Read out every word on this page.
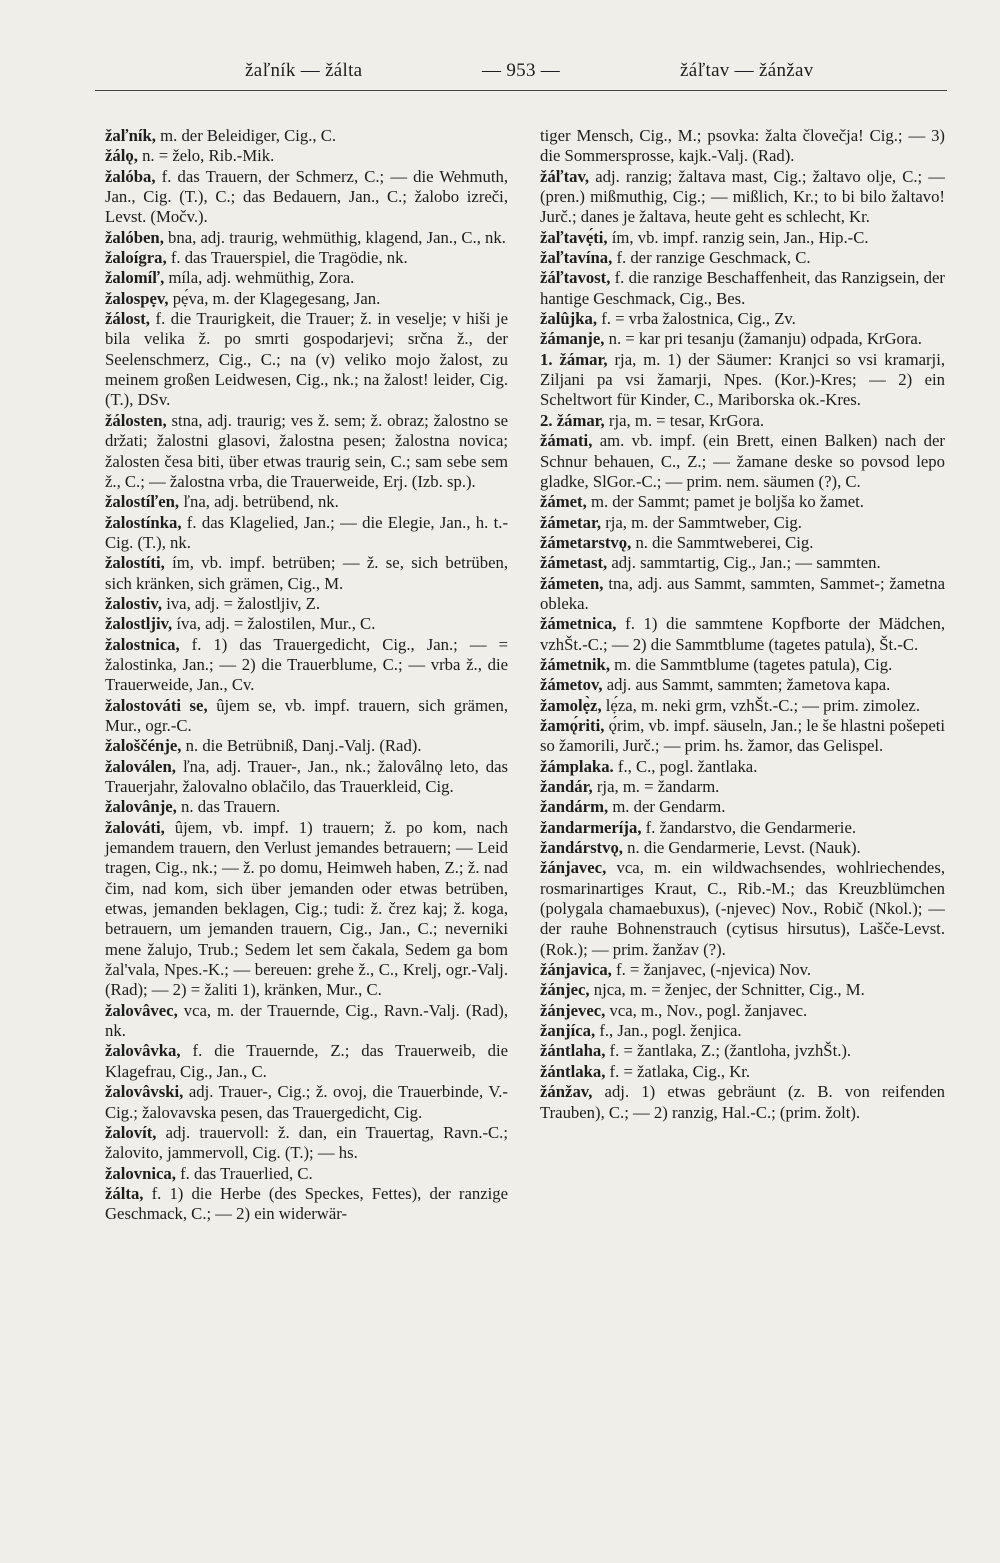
žaľník — žálta	— 953 —	žáľtav — žánžav

žaľník, m. der Beleidiger, Cig., C.

žálǫ, n. = želo, Rib.-Mik.

žalóba, f. das Trauern, der Schmerz, C.; — die Wehmuth, Jan., Cig. (T.), C.; das Bedauern, Jan., C.; žalobo izreči, Levst. (Močv.).

žalóben, bna, adj. traurig, wehmüthig, klagend, Jan., C., nk.

žaloígra, f. das Trauerspiel, die Tragödie, nk.

žalomíľ, míla, adj. wehmüthig, Zora.

žalospẹv, pẹ́va, m. der Klagegesang, Jan.

žálost, f. die Traurigkeit, die Trauer; ž. in veselje; v hiši je bila velika ž. po smrti gospodarjevi; srčna ž., der Seelenschmerz, Cig., C.; na (v) veliko mojo žalost, zu meinem großen Leidwesen, Cig., nk.; na žalost! leider, Cig. (T.), DSv.

žálosten, stna, adj. traurig; ves ž. sem; ž. obraz; žalostno se držati; žalostni glasovi, žalostna pesen; žalostna novica; žalosten česa biti, über etwas traurig sein, C.; sam sebe sem ž., C.; — žalostna vrba, die Trauerweide, Erj. (Izb. sp.).

žalostíľen, ľna, adj. betrübend, nk.

žalostínka, f. das Klagelied, Jan.; — die Elegie, Jan., h. t.-Cig. (T.), nk.

žalostíti, ím, vb. impf. betrüben; — ž. se, sich betrüben, sich kränken, sich grämen, Cig., M.

žalostiv, iva, adj. = žalostljiv, Z.

žalostljiv, íva, adj. = žalostilen, Mur., C.

žalostnica, f. 1) das Trauergedicht, Cig., Jan.; — = žalostinka, Jan.; — 2) die Trauerblume, C.; — vrba ž., die Trauerweide, Jan., Cv.

žalostováti se, ûjem se, vb. impf. trauern, sich grämen, Mur., ogr.-C.

žaloščénje, n. die Betrübniß, Danj.-Valj. (Rad).

žaloválen, ľna, adj. Trauer-, Jan., nk.; žalovâlnǫ leto, das Trauerjahr, žalovalno oblačilo, das Trauerkleid, Cig.

žalovânje, n. das Trauern.

žalováti, ûjem, vb. impf. 1) trauern; ž. po kom, nach jemandem trauern, den Verlust jemandes betrauern; — Leid tragen, Cig., nk.; — ž. po domu, Heimweh haben, Z.; ž. nad čim, nad kom, sich über jemanden oder etwas betrüben, etwas, jemanden beklagen, Cig.; tudi: ž. črez kaj; ž. koga, betrauern, um jemanden trauern, Cig., Jan., C.; neverniki mene žalujo, Trub.; Sedem let sem čakala, Sedem ga bom žal'vala, Npes.-K.; — bereuen: grehe ž., C., Krelj, ogr.-Valj. (Rad); — 2) = žaliti 1), kränken, Mur., C.

žalovâvec, vca, m. der Trauernde, Cig., Ravn.-Valj. (Rad), nk.

žalovâvka, f. die Trauernde, Z.; das Trauerweib, die Klagefrau, Cig., Jan., C.

žalovâvski, adj. Trauer-, Cig.; ž. ovoj, die Trauerbinde, V.-Cig.; žalovavska pesen, das Trauergedicht, Cig.

žalovít, adj. trauervoll: ž. dan, ein Trauertag, Ravn.-C.; žalovito, jammervoll, Cig. (T.); — hs.

žalovnica, f. das Trauerlied, C.

žálta, f. 1) die Herbe (des Speckes, Fettes), der ranzige Geschmack, C.; — 2) ein widerwär-

tiger Mensch, Cig., M.; psovka: žalta človečja! Cig.; — 3) die Sommersprosse, kajk.-Valj. (Rad).

žáľtav, adj. ranzig; žaltava mast, Cig.; žaltavo olje, C.; — (pren.) mißmuthig, Cig.; — mißlich, Kr.; to bi bilo žaltavo! Jurč.; danes je žaltava, heute geht es schlecht, Kr.

žaľtavẹ́ti, ím, vb. impf. ranzig sein, Jan., Hip.-C.

žaľtavína, f. der ranzige Geschmack, C.

žáľtavost, f. die ranzige Beschaffenheit, das Ranzigsein, der hantige Geschmack, Cig., Bes.

žalûjka, f. = vrba žalostnica, Cig., Zv.

žámanje, n. = kar pri tesanju (žamanju) odpada, KrGora.

1. žámar, rja, m. 1) der Säumer: Kranjci so vsi kramarji, Ziljani pa vsi žamarji, Npes. (Kor.)-Kres; — 2) ein Scheltwort für Kinder, C., Mariborska ok.-Kres.

2. žámar, rja, m. = tesar, KrGora.

žámati, am. vb. impf. (ein Brett, einen Balken) nach der Schnur behauen, C., Z.; — žamane deske so povsod lepo gladke, SlGor.-C.; — prim. nem. säumen (?), C.

žámet, m. der Sammt; pamet je boljša ko žamet.

žámetar, rja, m. der Sammtweber, Cig.

žámetarstvǫ, n. die Sammtweberei, Cig.

žámetast, adj. sammtartig, Cig., Jan.; — sammten.

žámeten, tna, adj. aus Sammt, sammten, Sammet-; žametna obleka.

žámetnica, f. 1) die sammtene Kopfborte der Mädchen, vzhŠt.-C.; — 2) die Sammtblume (tagetes patula), Št.-C.

žámetnik, m. die Sammtblume (tagetes patula), Cig.

žámetov, adj. aus Sammt, sammten; žametova kapa.

žamolẹ̀z, lẹ́za, m. neki grm, vzhŠt.-C.; — prim. zimolez.

žamǫ́riti, ǫ́rim, vb. impf. säuseln, Jan.; le še hlastni pošepeti so žamorili, Jurč.; — prim. hs. žamor, das Gelispel.

žámplaka. f., C., pogl. žantlaka.

žandár, rja, m. = žandarm.

žandárm, m. der Gendarm.

žandarmeríja, f. žandarstvo, die Gendarmerie.

žandárstvǫ, n. die Gendarmerie, Levst. (Nauk).

žánjavec, vca, m. ein wildwachsendes, wohlriechendes, rosmarinartiges Kraut, C., Rib.-M.; das Kreuzblümchen (polygala chamaebuxus), (-njevec) Nov., Robič (Nkol.); — der rauhe Bohnenstrauch (cytisus hirsutus), Lašče-Levst. (Rok.); — prim. žanžav (?).

žánjavica, f. = žanjavec, (-njevica) Nov.

žánjec, njca, m. = ženjec, der Schnitter, Cig., M.

žánjevec, vca, m., Nov., pogl. žanjavec.

žanjíca, f., Jan., pogl. ženjica.

žántlaha, f. = žantlaka, Z.; (žantloha, jvzhŠt.).

žántlaka, f. = žatlaka, Cig., Kr.

žánžav, adj. 1) etwas gebräunt (z. B. von reifenden Trauben), C.; — 2) ranzig, Hal.-C.; (prim. žolt).
